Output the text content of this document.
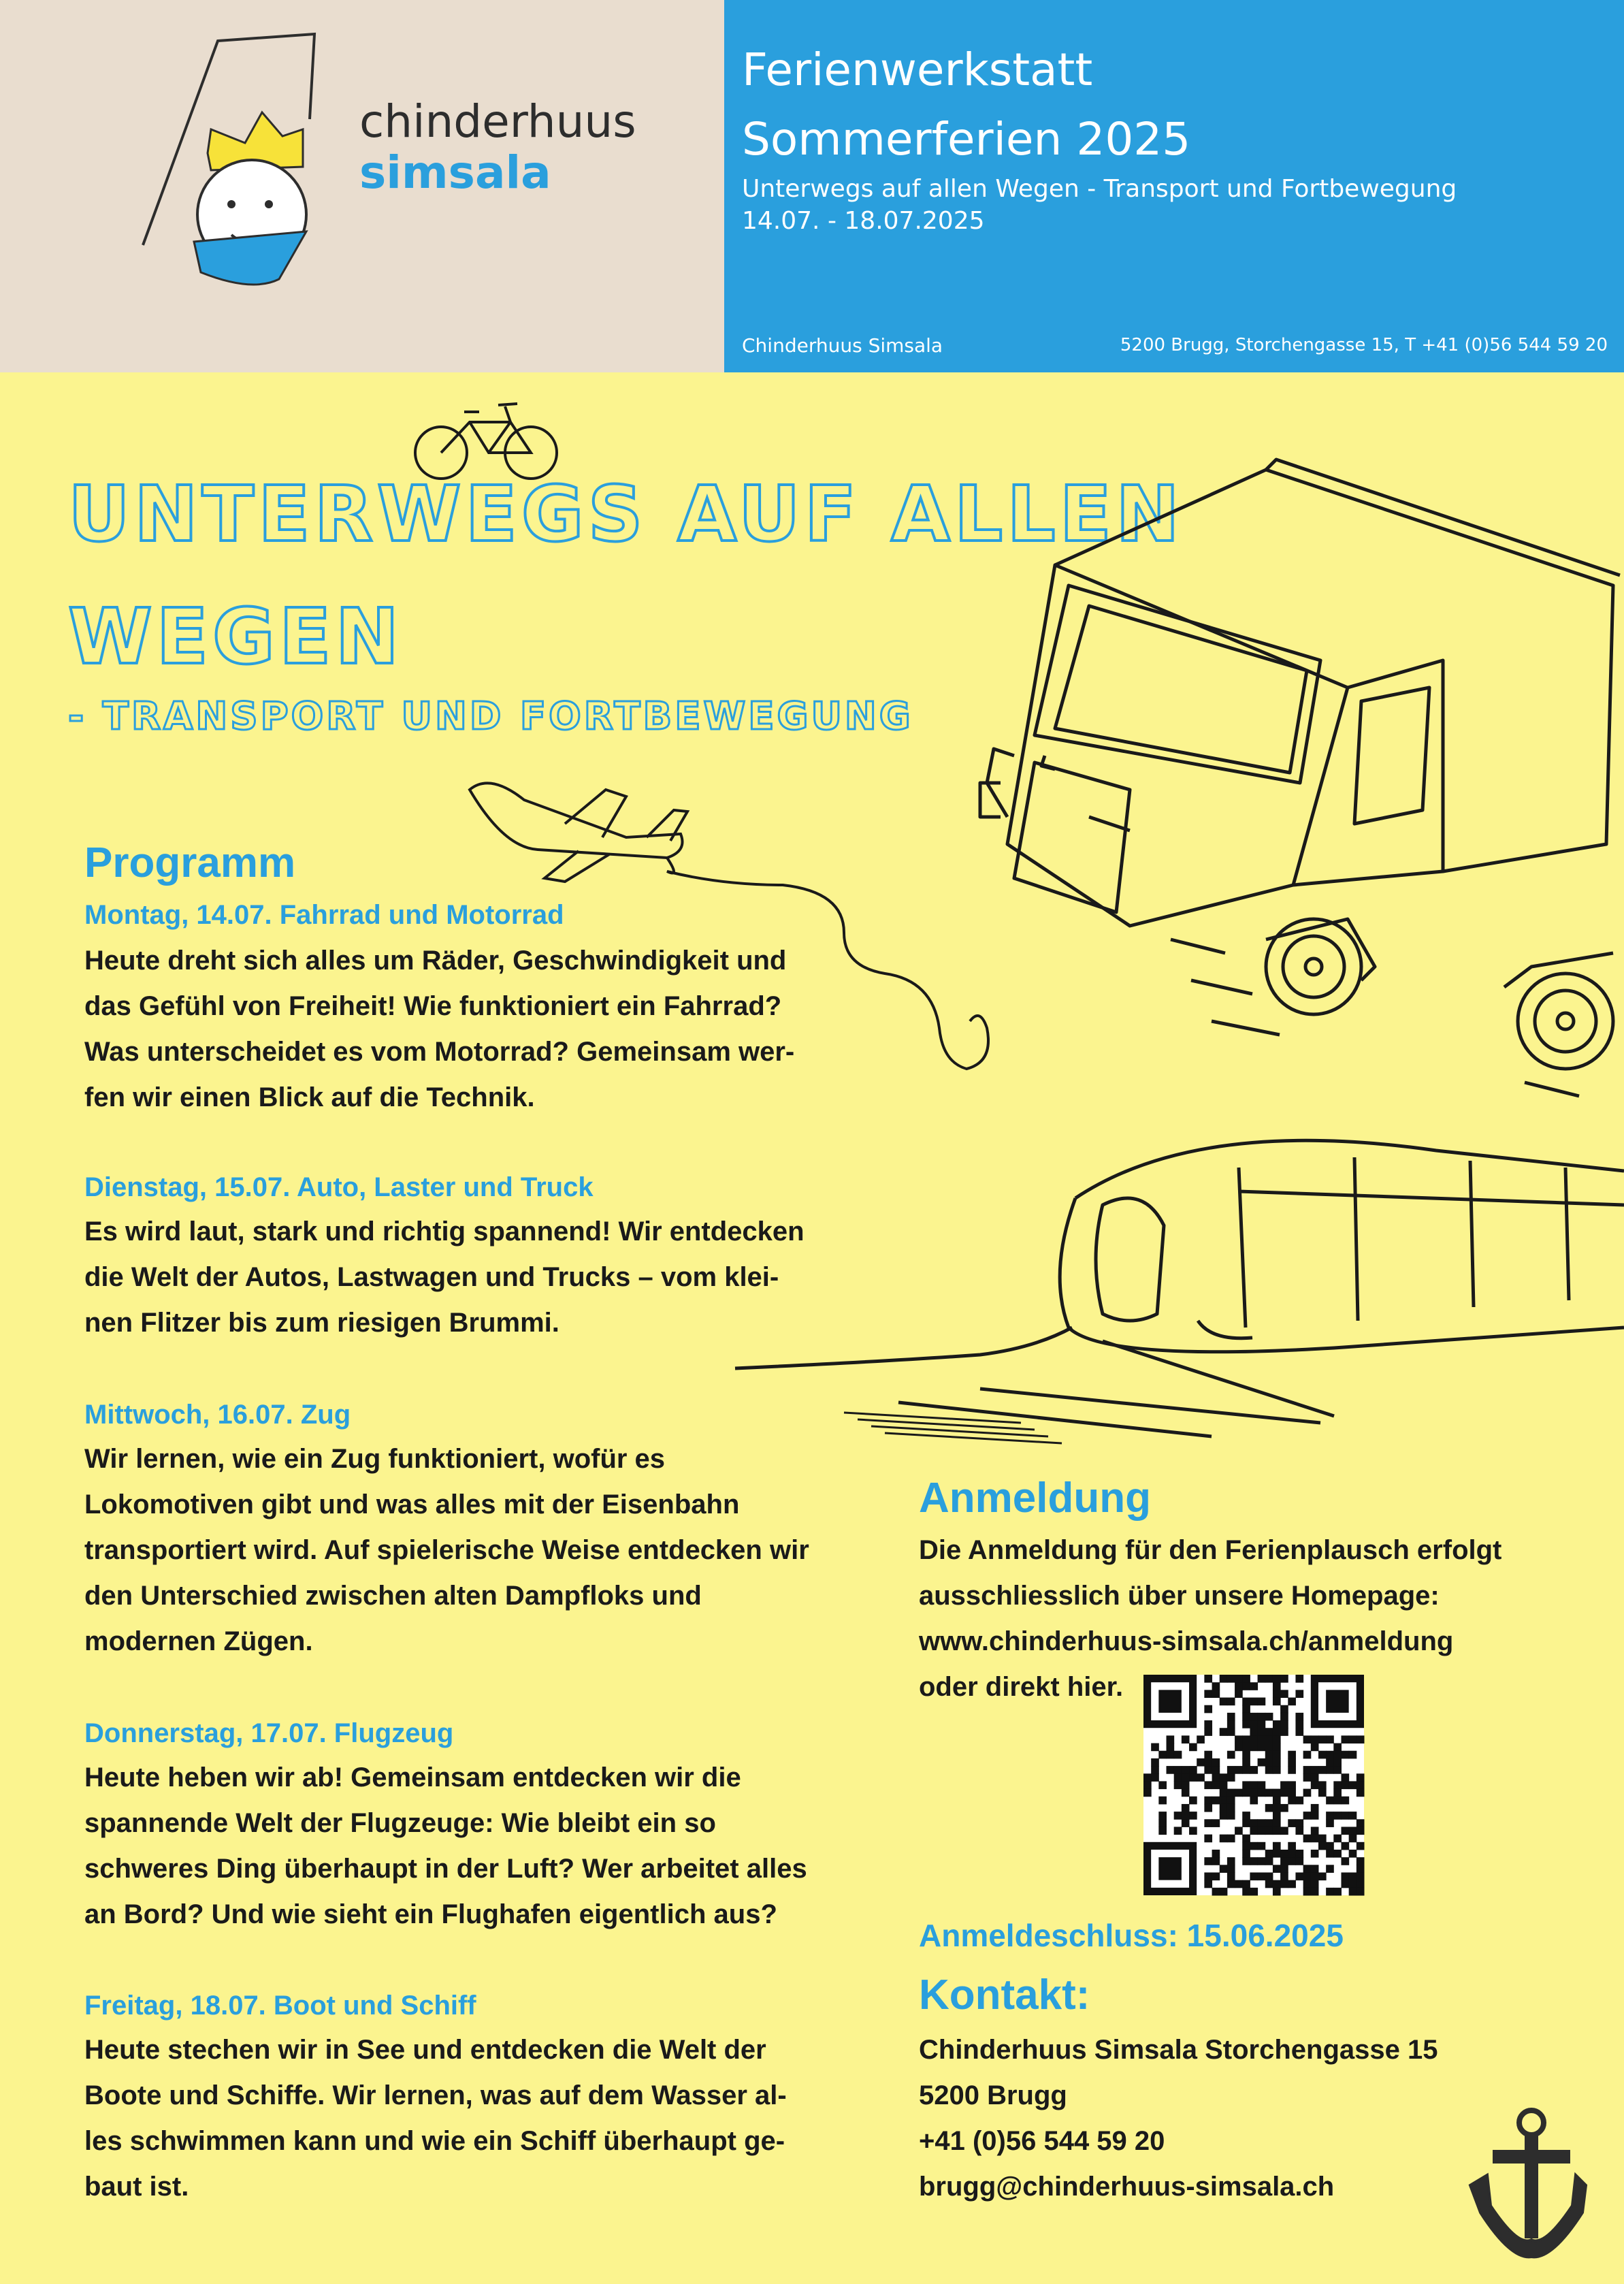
chinderhuus
simsala
Ferienwerkstatt
Sommerferien 2025
Unterwegs auf allen Wegen - Transport und Fortbewegung
14.07. - 18.07.2025
Chinderhuus Simsala	5200 Brugg, Storchengasse 15, T +41 (0)56 544 59 20
UNTERWEGS AUF ALLEN
WEGEN
- TRANSPORT UND FORTBEWEGUNG
Programm
Montag, 14.07. Fahrrad und Motorrad
Heute dreht sich alles um Räder, Geschwindigkeit und
das Gefühl von Freiheit! Wie funktioniert ein Fahrrad?
Was unterscheidet es vom Motorrad? Gemeinsam wer-
fen wir einen Blick auf die Technik.
Dienstag, 15.07. Auto, Laster und Truck
Es wird laut, stark und richtig spannend! Wir entdecken
die Welt der Autos, Lastwagen und Trucks – vom klei-
nen Flitzer bis zum riesigen Brummi.
Mittwoch, 16.07. Zug
Wir lernen, wie ein Zug funktioniert, wofür es
Lokomotiven gibt und was alles mit der Eisenbahn
transportiert wird. Auf spielerische Weise entdecken wir
den Unterschied zwischen alten Dampfloks und
modernen Zügen.
Donnerstag, 17.07. Flugzeug
Heute heben wir ab! Gemeinsam entdecken wir die
spannende Welt der Flugzeuge: Wie bleibt ein so
schweres Ding überhaupt in der Luft? Wer arbeitet alles
an Bord? Und wie sieht ein Flughafen eigentlich aus?
Freitag, 18.07. Boot und Schiff
Heute stechen wir in See und entdecken die Welt der
Boote und Schiffe. Wir lernen, was auf dem Wasser al-
les schwimmen kann und wie ein Schiff überhaupt ge-
baut ist.
Anmeldung
Die Anmeldung für den Ferienplausch erfolgt
ausschliesslich über unsere Homepage:
www.chinderhuus-simsala.ch/anmeldung
oder direkt hier.
Anmeldeschluss: 15.06.2025
Kontakt:
Chinderhuus Simsala Storchengasse 15
5200 Brugg
+41 (0)56 544 59 20
brugg@chinderhuus-simsala.ch
